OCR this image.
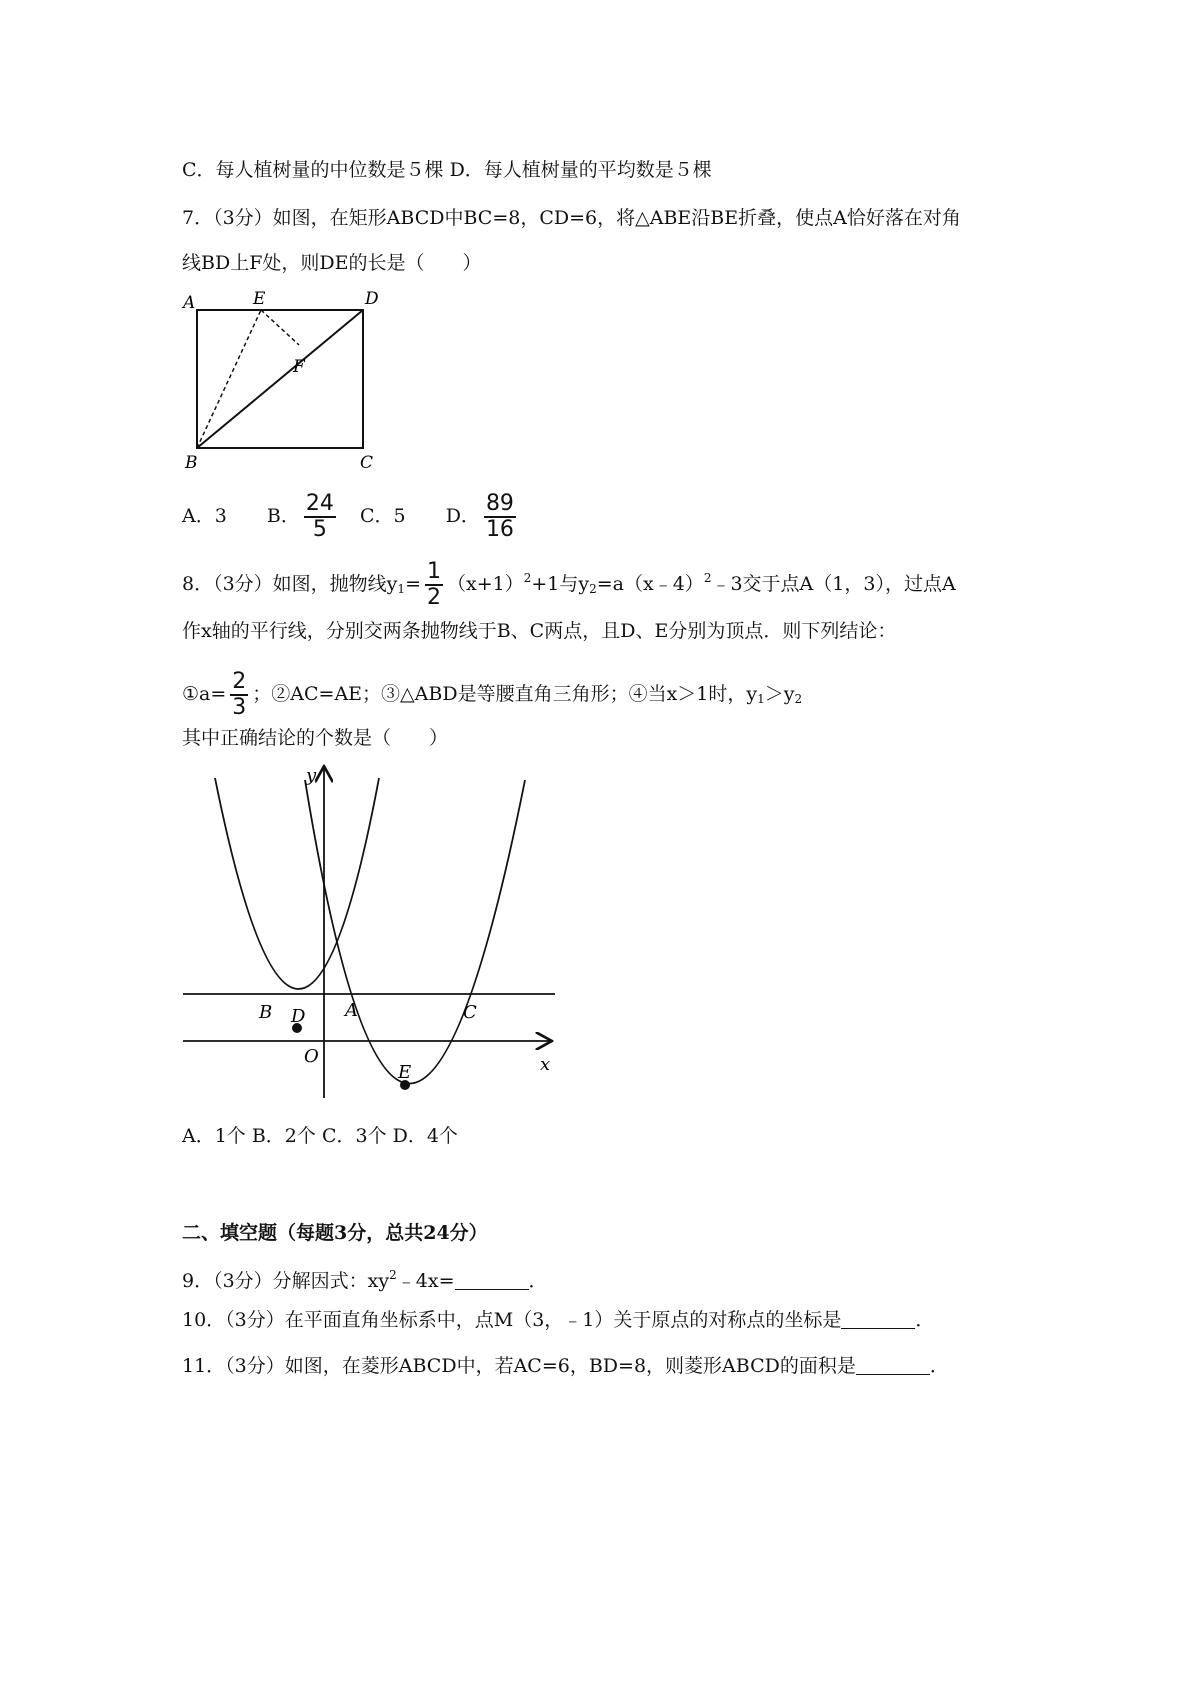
C．每人植树量的中位数是５棵 D．每人植树量的平均数是５棵
7．（3分）如图，在矩形ABCD中BC=8，CD=6，将△ABE沿BE折叠，使点A恰好落在对角
线BD上F处，则DE的长是（　　）
A	E	D
F
B	C
A．3 B． $\frac{24}{5}$ C．5 D． $\frac{89}{16}$
8．（3分）如图，抛物线$y_1= \frac{1}{2} (x+1)^2+1$与$y_2=a(x﹣4)^2﹣3$交于点A（1，3），过点A
作x轴的平行线，分别交两条抛物线于B、C两点，且D、E分别为顶点．则下列结论：
①a= $\frac{2}{3}$ ；②AC=AE；③△ABD是等腰直角三角形；④当x＞1时，$y_1>y_2$
其中正确结论的个数是（　　）
y
x
B D A	C
O
E
A．1个 B．2个 C．3个 D．4个
二、填空题（每题3分，总共24分）
9．（3分）分解因式：$xy^2﹣4x=$	．
10．（3分）在平面直角坐标系中，点M（3，﹣1）关于原点的对称点的坐标是	．
11．（3分）如图，在菱形ABCD中，若AC=6，BD=8，则菱形ABCD的面积是	．
